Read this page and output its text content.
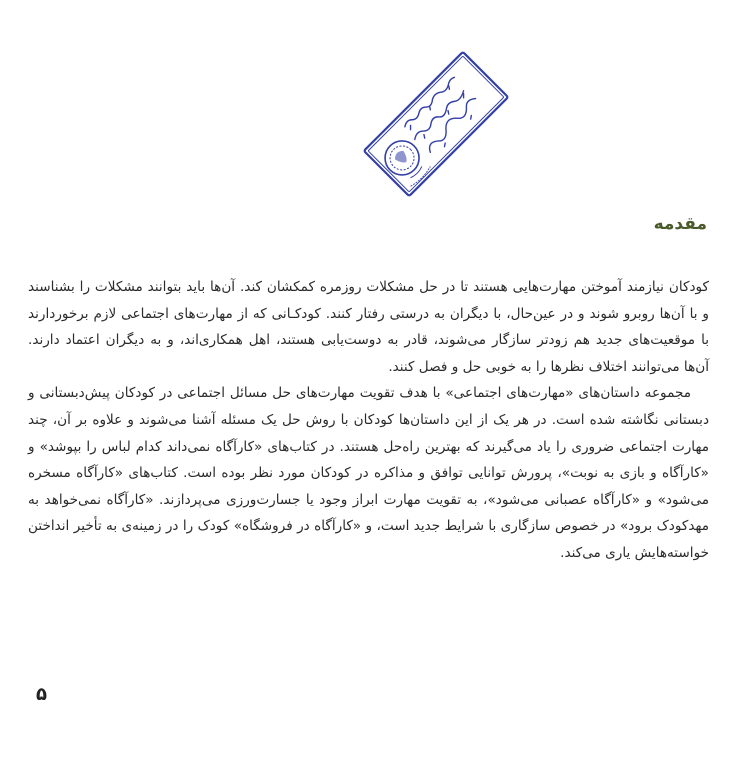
مقدمه

کودکان نیازمند آموختن مهارت‌هایی هستند تا در حل مشکلات روزمره کمکشان کند. آن‌ها باید بتوانند مشکلات را بشناسند و با آن‌ها روبرو شوند و در عین‌حال، با دیگران به درستی رفتار کنند. کودکـانی که از مهارت‌های اجتماعی لازم برخوردارند با موقعیت‌های جدید هم زودتر سازگار می‌شوند، قادر به دوست‌یابی هستند، اهل همکاری‌اند، و به دیگران اعتماد دارند. آن‌ها می‌توانند اختلاف نظرها را به خوبی حل و فصل کنند.

مجموعه داستان‌های «مهارت‌های اجتماعی» با هدف تقویت مهارت‌های حل مسائل اجتماعی در کودکان پیش‌دبستانی و دبستانی نگاشته شده است. در هر یک از این داستان‌ها کودکان با روش حل یک مسئله آشنا می‌شوند و علاوه بر آن، چند مهارت اجتماعی ضروری را یاد می‌گیرند که بهترین راه‌حل هستند. در کتاب‌های «کارآگاه نمی‌داند کدام لباس را بپوشد» و «کارآگاه و بازی به نوبت»، پرورش توانایی توافق و مذاکره در کودکان مورد نظر بوده است. کتاب‌های «کارآگاه مسخره می‌شود» و «کارآگاه عصبانی می‌شود»، به تقویت مهارت ابراز وجود یا جسارت‌ورزی می‌پردازند. «کارآگاه نمی‌خواهد به مهدکودک برود» در خصوص سازگاری با شرایط جدید است، و «کارآگاه در فروشگاه» کودک را در زمینه‌ی به تأخیر انداختن خواسته‌هایش یاری می‌کند.

۵
